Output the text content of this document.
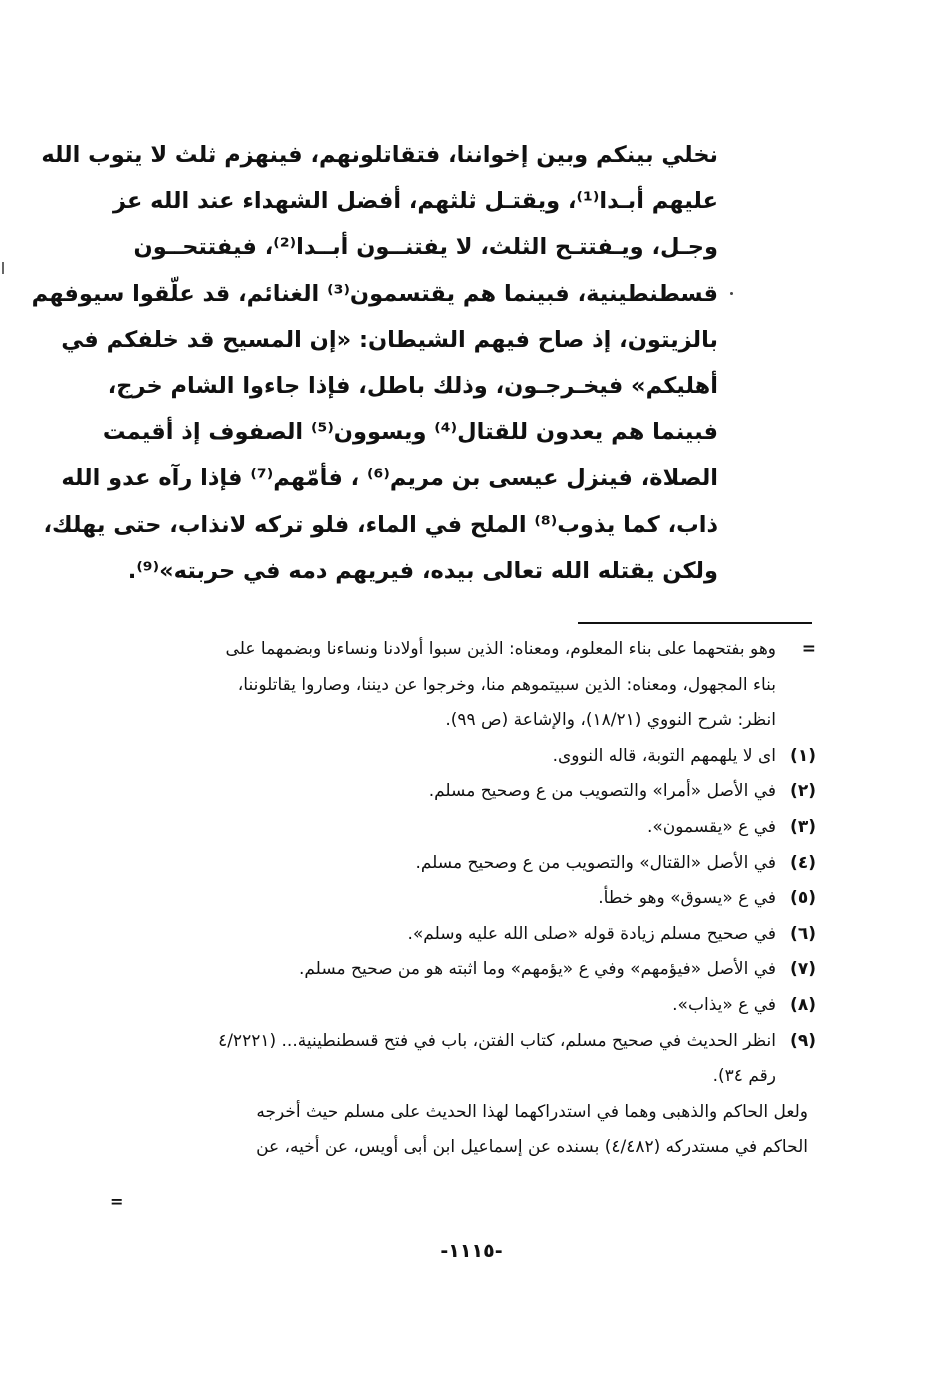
نخلي بينكم وبين إخواننا، فتقاتلونهم، فينهزم ثلث لا يتوب الله
عليهم أبـدا⁽¹⁾، ويقتـل ثلثهم، أفضل الشهداء عند الله عز
وجـل، ويـفتتـح الثلث، لا يفتنــون أبــدا⁽²⁾، فيفتتحــون
قسطنطينية، فبينما هم يقتسمون⁽³⁾ الغنائم، قد علّقوا سيوفهم
بالزيتون، إذ صاح فيهم الشيطان: «إن المسيح قد خلفكم في
أهليكم» فيخـرجـون، وذلك باطل، فإذا جاءوا الشام خرج،
فبينما هم يعدون للقتال⁽⁴⁾ ويسوون⁽⁵⁾ الصفوف إذ أقيمت
الصلاة، فينزل عيسى بن مريم⁽⁶⁾ ، فأمّهم⁽⁷⁾ فإذا رآه عدو الله
ذاب، كما يذوب⁽⁸⁾ الملح في الماء، فلو تركه لانذاب، حتى يهلك،
ولكن يقتله الله تعالى بيده، فيريهم دمه في حربته»⁽⁹⁾.
=وهو بفتحهما على بناء المعلوم، ومعناه: الذين سبوا أولادنا ونساءنا وبضمهما على
بناء المجهول، ومعناه: الذين سبيتموهم منا، وخرجوا عن ديننا، وصاروا يقاتلوننا،
انظر: شرح النووي (١٨/٢١)، والإشاعة (ص ٩٩).
(١)اى لا يلهمهم التوبة، قاله النووى.
(٢)في الأصل «أمرا» والتصويب من ع وصحيح مسلم.
(٣)في ع «يقسمون».
(٤)في الأصل «القتال» والتصويب من ع وصحيح مسلم.
(٥)في ع «يسوق» وهو خطأ.
(٦)في صحيح مسلم زيادة قوله «صلى الله عليه وسلم».
(٧)في الأصل «فيؤمهم» وفي ع «يؤمهم» وما اثبته هو من صحيح مسلم.
(٨)في ع «يذاب».
(٩)انظر الحديث في صحيح مسلم، كتاب الفتن، باب في فتح قسطنطينية... (٤/٢٢٢١
رقم ٣٤).
ولعل الحاكم والذهبى وهما في استدراكهما لهذا الحديث على مسلم حيث أخرجه
الحاكم في مستدركه (٤/٤٨٢) بسنده عن إسماعيل ابن أبى أويس، عن أخيه، عن
=
-١١١٥-
